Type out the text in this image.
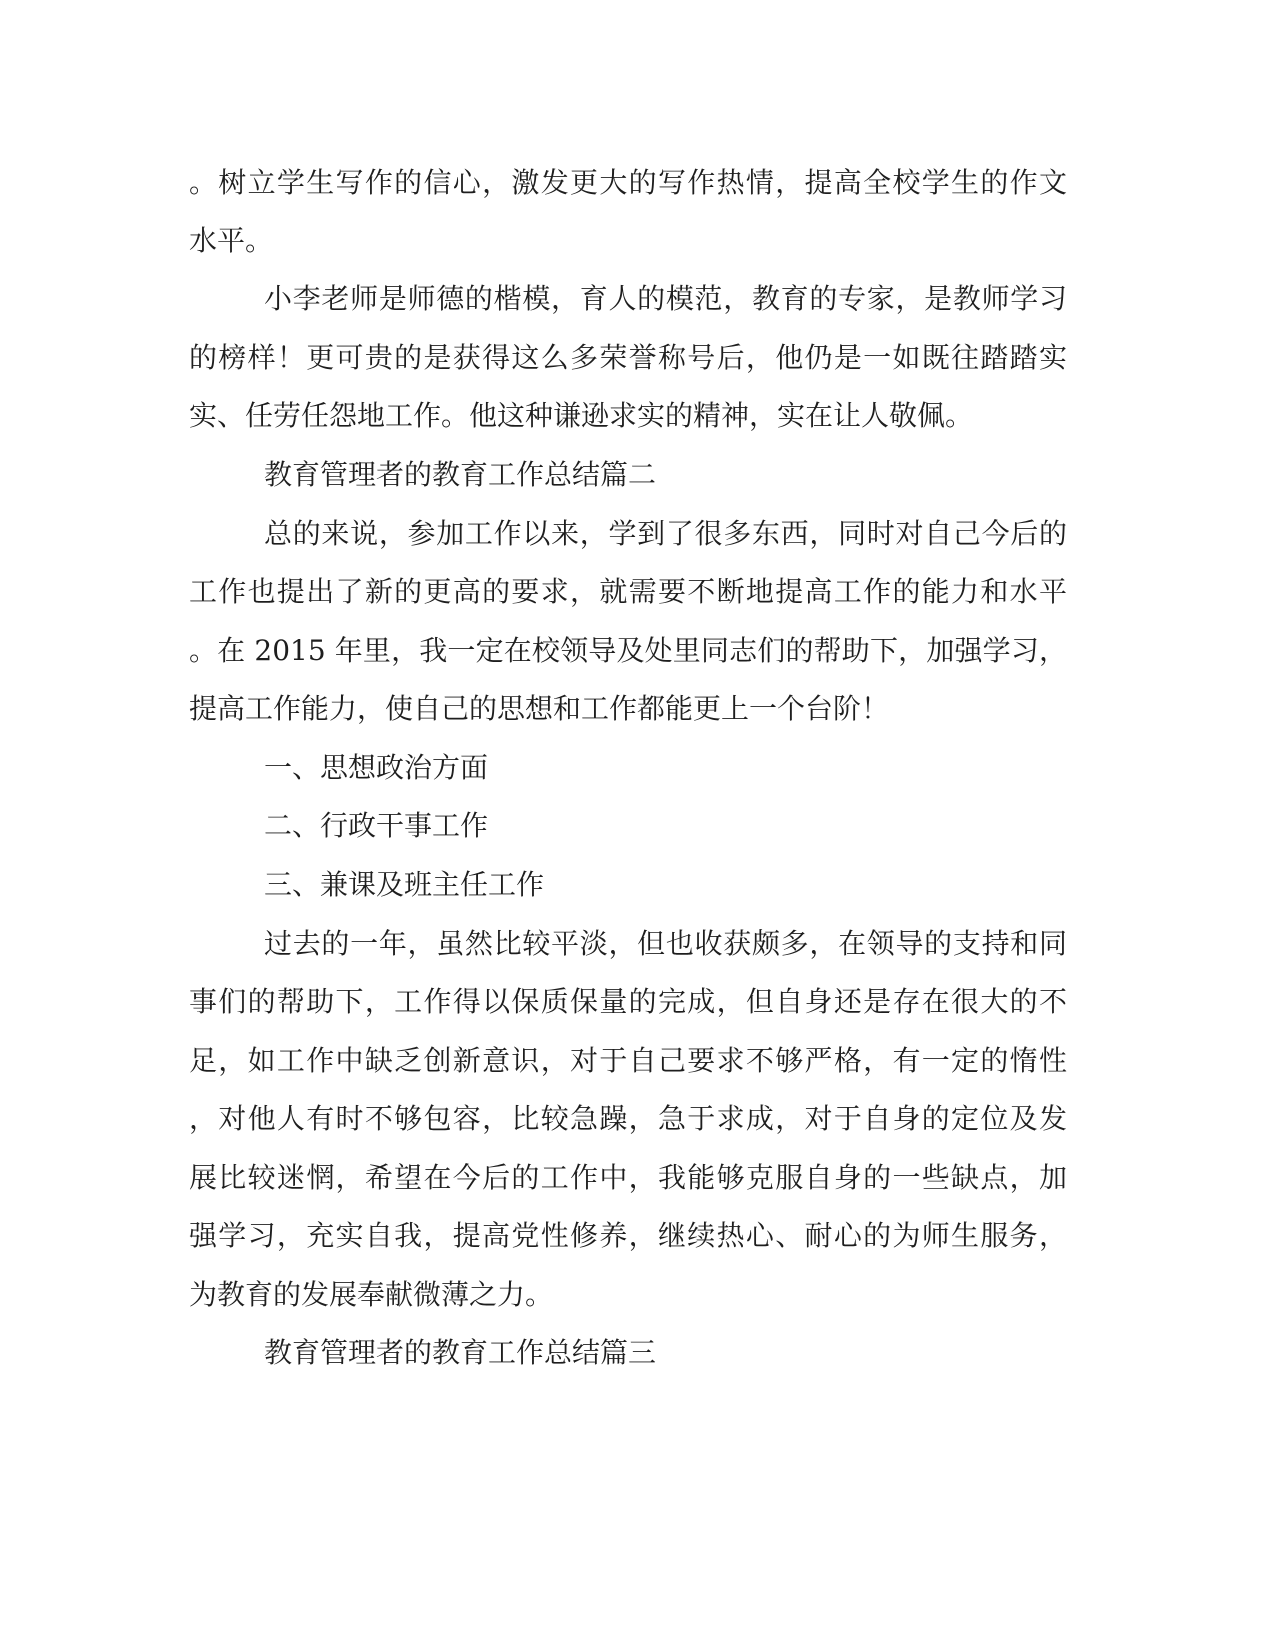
。树立学生写作的信心，激发更大的写作热情，提高全校学生的作文
水平。
小李老师是师德的楷模，育人的模范，教育的专家，是教师学习
的榜样！更可贵的是获得这么多荣誉称号后，他仍是一如既往踏踏实
实、任劳任怨地工作。他这种谦逊求实的精神，实在让人敬佩。
教育管理者的教育工作总结篇二
总的来说，参加工作以来，学到了很多东西，同时对自己今后的
工作也提出了新的更高的要求，就需要不断地提高工作的能力和水平
。在 2015 年里，我一定在校领导及处里同志们的帮助下，加强学习，
提高工作能力，使自己的思想和工作都能更上一个台阶！
一、思想政治方面
二、行政干事工作
三、兼课及班主任工作
过去的一年，虽然比较平淡，但也收获颇多，在领导的支持和同
事们的帮助下，工作得以保质保量的完成，但自身还是存在很大的不
足，如工作中缺乏创新意识，对于自己要求不够严格，有一定的惰性
，对他人有时不够包容，比较急躁，急于求成，对于自身的定位及发
展比较迷惘，希望在今后的工作中，我能够克服自身的一些缺点，加
强学习，充实自我，提高党性修养，继续热心、耐心的为师生服务，
为教育的发展奉献微薄之力。
教育管理者的教育工作总结篇三
